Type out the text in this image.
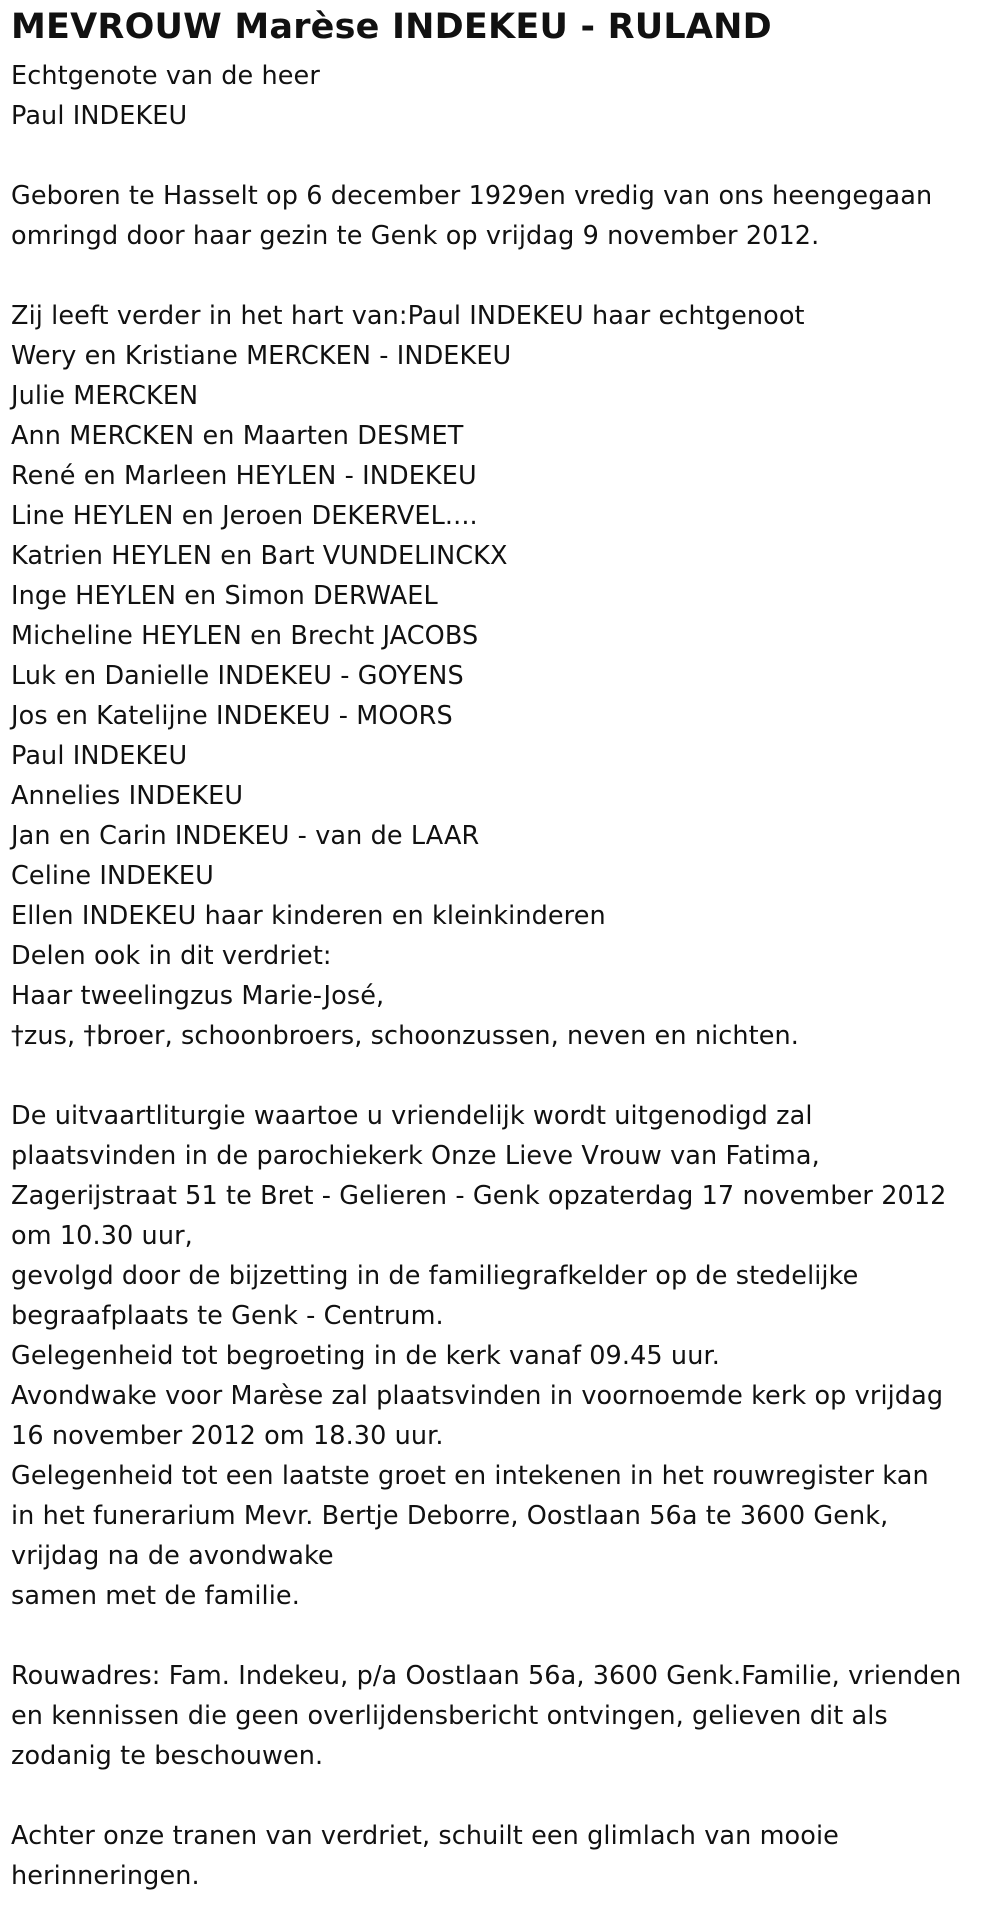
MEVROUW Marèse INDEKEU - RULAND
Echtgenote van de heer
Paul INDEKEU
Geboren te Hasselt op 6 december 1929en vredig van ons heengegaan
omringd door haar gezin te Genk op vrijdag 9 november 2012.
Zij leeft verder in het hart van:Paul INDEKEU haar echtgenoot
Wery en Kristiane MERCKEN - INDEKEU
Julie MERCKEN
Ann MERCKEN en Maarten DESMET
René en Marleen HEYLEN - INDEKEU
Line HEYLEN en Jeroen DEKERVEL....
Katrien HEYLEN en Bart VUNDELINCKX
Inge HEYLEN en Simon DERWAEL
Micheline HEYLEN en Brecht JACOBS
Luk en Danielle INDEKEU - GOYENS
Jos en Katelijne INDEKEU - MOORS
Paul INDEKEU
Annelies INDEKEU
Jan en Carin INDEKEU - van de LAAR
Celine INDEKEU
Ellen INDEKEU haar kinderen en kleinkinderen
Delen ook in dit verdriet:
Haar tweelingzus Marie-José,
†zus, †broer, schoonbroers, schoonzussen, neven en nichten.
De uitvaartliturgie waartoe u vriendelijk wordt uitgenodigd zal
plaatsvinden in de parochiekerk Onze Lieve Vrouw van Fatima,
Zagerijstraat 51 te Bret - Gelieren - Genk opzaterdag 17 november 2012
om 10.30 uur,
gevolgd door de bijzetting in de familiegrafkelder op de stedelijke
begraafplaats te Genk - Centrum.
Gelegenheid tot begroeting in de kerk vanaf 09.45 uur.
Avondwake voor Marèse zal plaatsvinden in voornoemde kerk op vrijdag
16 november 2012 om 18.30 uur.
Gelegenheid tot een laatste groet en intekenen in het rouwregister kan
in het funerarium Mevr. Bertje Deborre, Oostlaan 56a te 3600 Genk,
vrijdag na de avondwake
samen met de familie.
Rouwadres: Fam. Indekeu, p/a Oostlaan 56a, 3600 Genk.Familie, vrienden
en kennissen die geen overlijdensbericht ontvingen, gelieven dit als
zodanig te beschouwen.
Achter onze tranen van verdriet, schuilt een glimlach van mooie
herinneringen.
